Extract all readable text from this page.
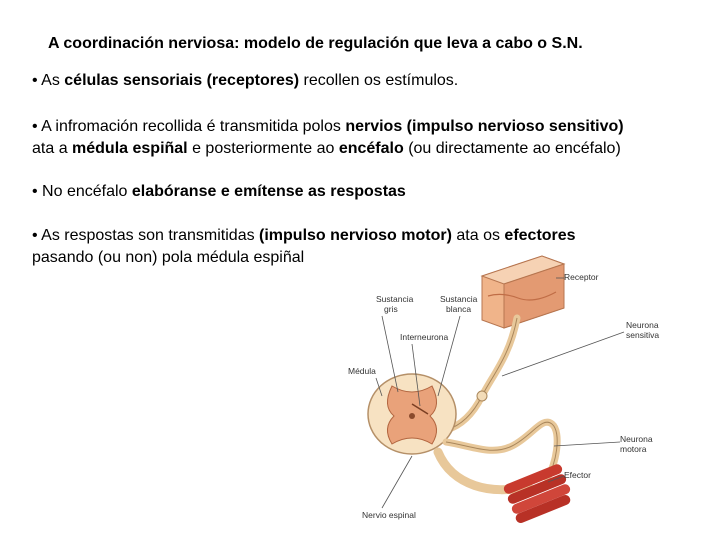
A coordinación nerviosa: modelo de regulación que leva a cabo o S.N.
• As células sensoriais (receptores) recollen os estímulos.
• A infromación recollida é transmitida polos nervios (impulso nervioso sensitivo)
ata a médula espiñal e posteriormente ao encéfalo (ou directamente ao encéfalo)
• No encéfalo elabóranse e emítense as respostas
• As respostas son transmitidas (impulso nervioso motor) ata os efectores
pasando (ou non) pola médula espiñal
Receptor
Sustancia
gris
Sustancia
blanca
Interneurona
Médula
Neurona
sensitiva
Neurona
motora
Efector
Nervio espinal
